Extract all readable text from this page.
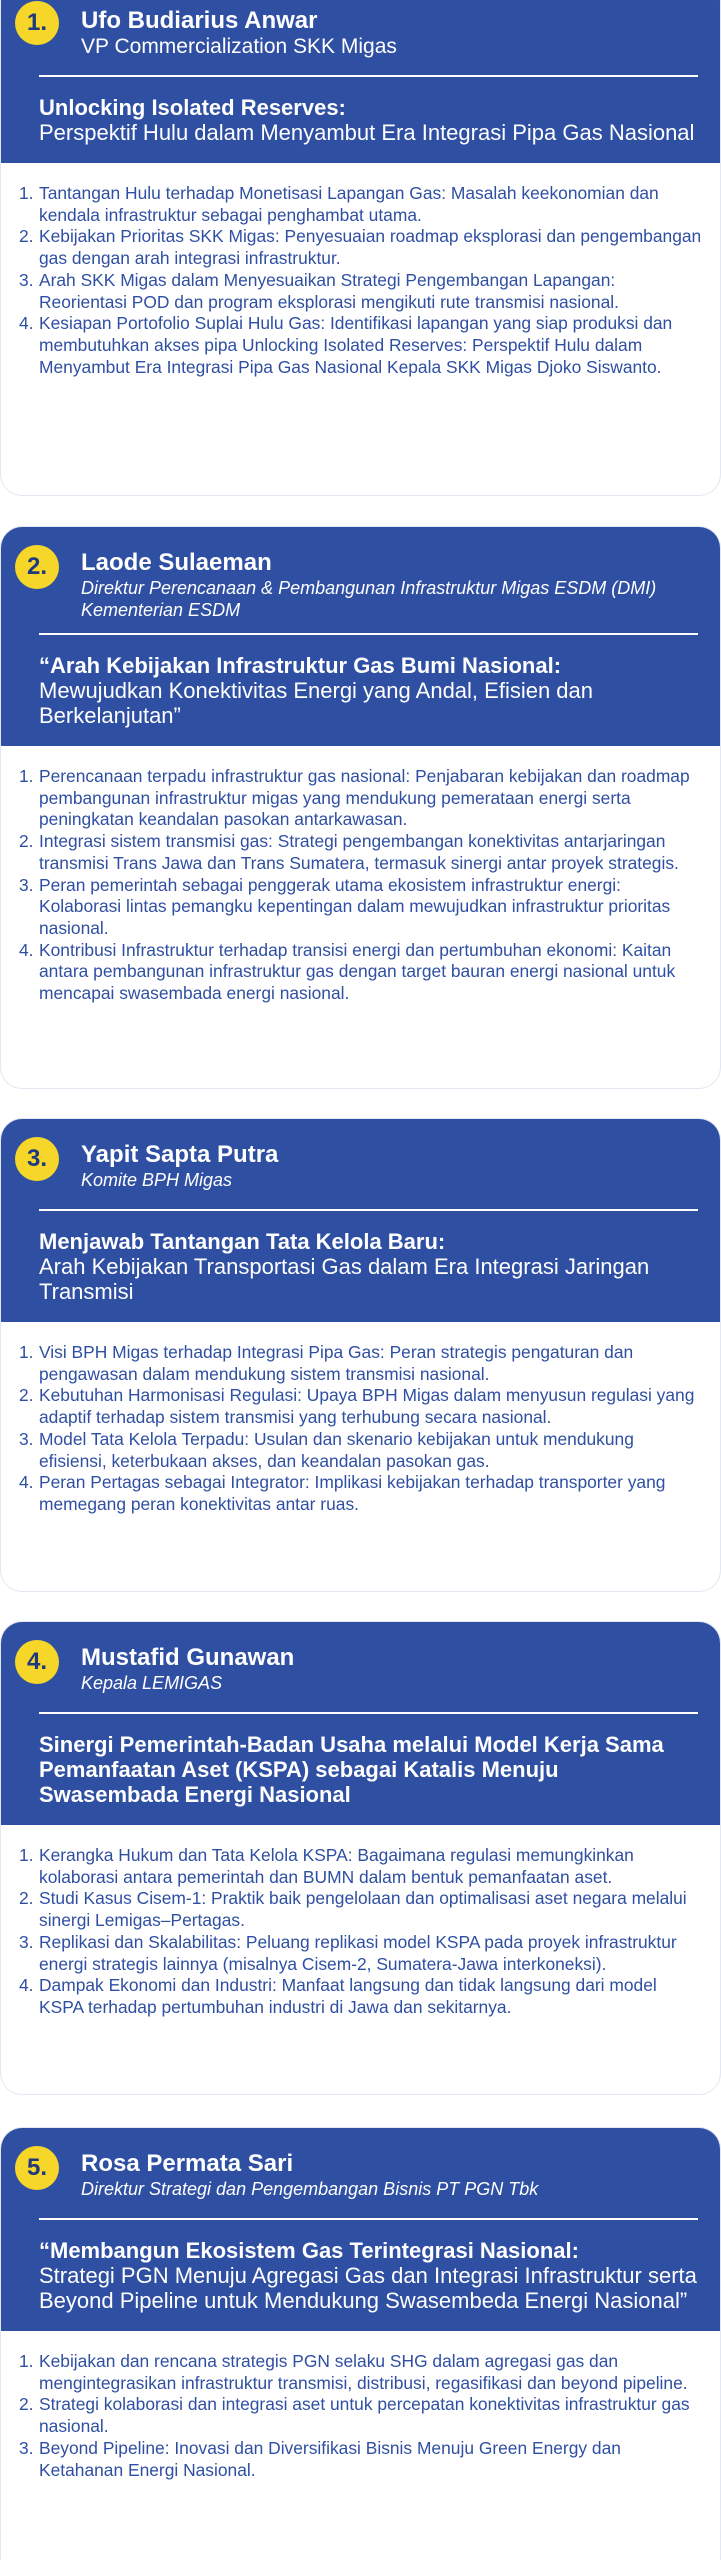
1.	Ufo Budiarius Anwar
VP Commercialization SKK Migas
Unlocking Isolated Reserves:
Perspektif Hulu dalam Menyambut Era Integrasi Pipa Gas Nasional
1. Tantangan Hulu terhadap Monetisasi Lapangan Gas: Masalah keekonomian dan kendala infrastruktur sebagai penghambat utama.
2. Kebijakan Prioritas SKK Migas: Penyesuaian roadmap eksplorasi dan pengembangan gas dengan arah integrasi infrastruktur.
3. Arah SKK Migas dalam Menyesuaikan Strategi Pengembangan Lapangan: Reorientasi POD dan program eksplorasi mengikuti rute transmisi nasional.
4. Kesiapan Portofolio Suplai Hulu Gas: Identifikasi lapangan yang siap produksi dan membutuhkan akses pipa Unlocking Isolated Reserves: Perspektif Hulu dalam Menyambut Era Integrasi Pipa Gas Nasional Kepala SKK Migas Djoko Siswanto.
2.	Laode Sulaeman
Direktur Perencanaan & Pembangunan Infrastruktur Migas ESDM (DMI) Kementerian ESDM
“Arah Kebijakan Infrastruktur Gas Bumi Nasional:
Mewujudkan Konektivitas Energi yang Andal, Efisien dan Berkelanjutan”
1. Perencanaan terpadu infrastruktur gas nasional: Penjabaran kebijakan dan roadmap pembangunan infrastruktur migas yang mendukung pemerataan energi serta peningkatan keandalan pasokan antarkawasan.
2. Integrasi sistem transmisi gas: Strategi pengembangan konektivitas antarjaringan transmisi Trans Jawa dan Trans Sumatera, termasuk sinergi antar proyek strategis.
3. Peran pemerintah sebagai penggerak utama ekosistem infrastruktur energi: Kolaborasi lintas pemangku kepentingan dalam mewujudkan infrastruktur prioritas nasional.
4. Kontribusi Infrastruktur terhadap transisi energi dan pertumbuhan ekonomi: Kaitan antara pembangunan infrastruktur gas dengan target bauran energi nasional untuk mencapai swasembada energi nasional.
3.	Yapit Sapta Putra
Komite BPH Migas
Menjawab Tantangan Tata Kelola Baru:
Arah Kebijakan Transportasi Gas dalam Era Integrasi Jaringan Transmisi
1. Visi BPH Migas terhadap Integrasi Pipa Gas: Peran strategis pengaturan dan pengawasan dalam mendukung sistem transmisi nasional.
2. Kebutuhan Harmonisasi Regulasi: Upaya BPH Migas dalam menyusun regulasi yang adaptif terhadap sistem transmisi yang terhubung secara nasional.
3. Model Tata Kelola Terpadu: Usulan dan skenario kebijakan untuk mendukung efisiensi, keterbukaan akses, dan keandalan pasokan gas.
4. Peran Pertagas sebagai Integrator: Implikasi kebijakan terhadap transporter yang memegang peran konektivitas antar ruas.
4.	Mustafid Gunawan
Kepala LEMIGAS
Sinergi Pemerintah-Badan Usaha melalui Model Kerja Sama Pemanfaatan Aset (KSPA) sebagai Katalis Menuju Swasembada Energi Nasional
1. Kerangka Hukum dan Tata Kelola KSPA: Bagaimana regulasi memungkinkan kolaborasi antara pemerintah dan BUMN dalam bentuk pemanfaatan aset.
2. Studi Kasus Cisem-1: Praktik baik pengelolaan dan optimalisasi aset negara melalui sinergi Lemigas–Pertagas.
3. Replikasi dan Skalabilitas: Peluang replikasi model KSPA pada proyek infrastruktur energi strategis lainnya (misalnya Cisem-2, Sumatera-Jawa interkoneksi).
4. Dampak Ekonomi dan Industri: Manfaat langsung dan tidak langsung dari model KSPA terhadap pertumbuhan industri di Jawa dan sekitarnya.
5.	Rosa Permata Sari
Direktur Strategi dan Pengembangan Bisnis PT PGN Tbk
“Membangun Ekosistem Gas Terintegrasi Nasional:
Strategi PGN Menuju Agregasi Gas dan Integrasi Infrastruktur serta Beyond Pipeline untuk Mendukung Swasembeda Energi Nasional”
1. Kebijakan dan rencana strategis PGN selaku SHG dalam agregasi gas dan mengintegrasikan infrastruktur transmisi, distribusi, regasifikasi dan beyond pipeline.
2. Strategi kolaborasi dan integrasi aset untuk percepatan konektivitas infrastruktur gas nasional.
3. Beyond Pipeline: Inovasi dan Diversifikasi Bisnis Menuju Green Energy dan Ketahanan Energi Nasional.
